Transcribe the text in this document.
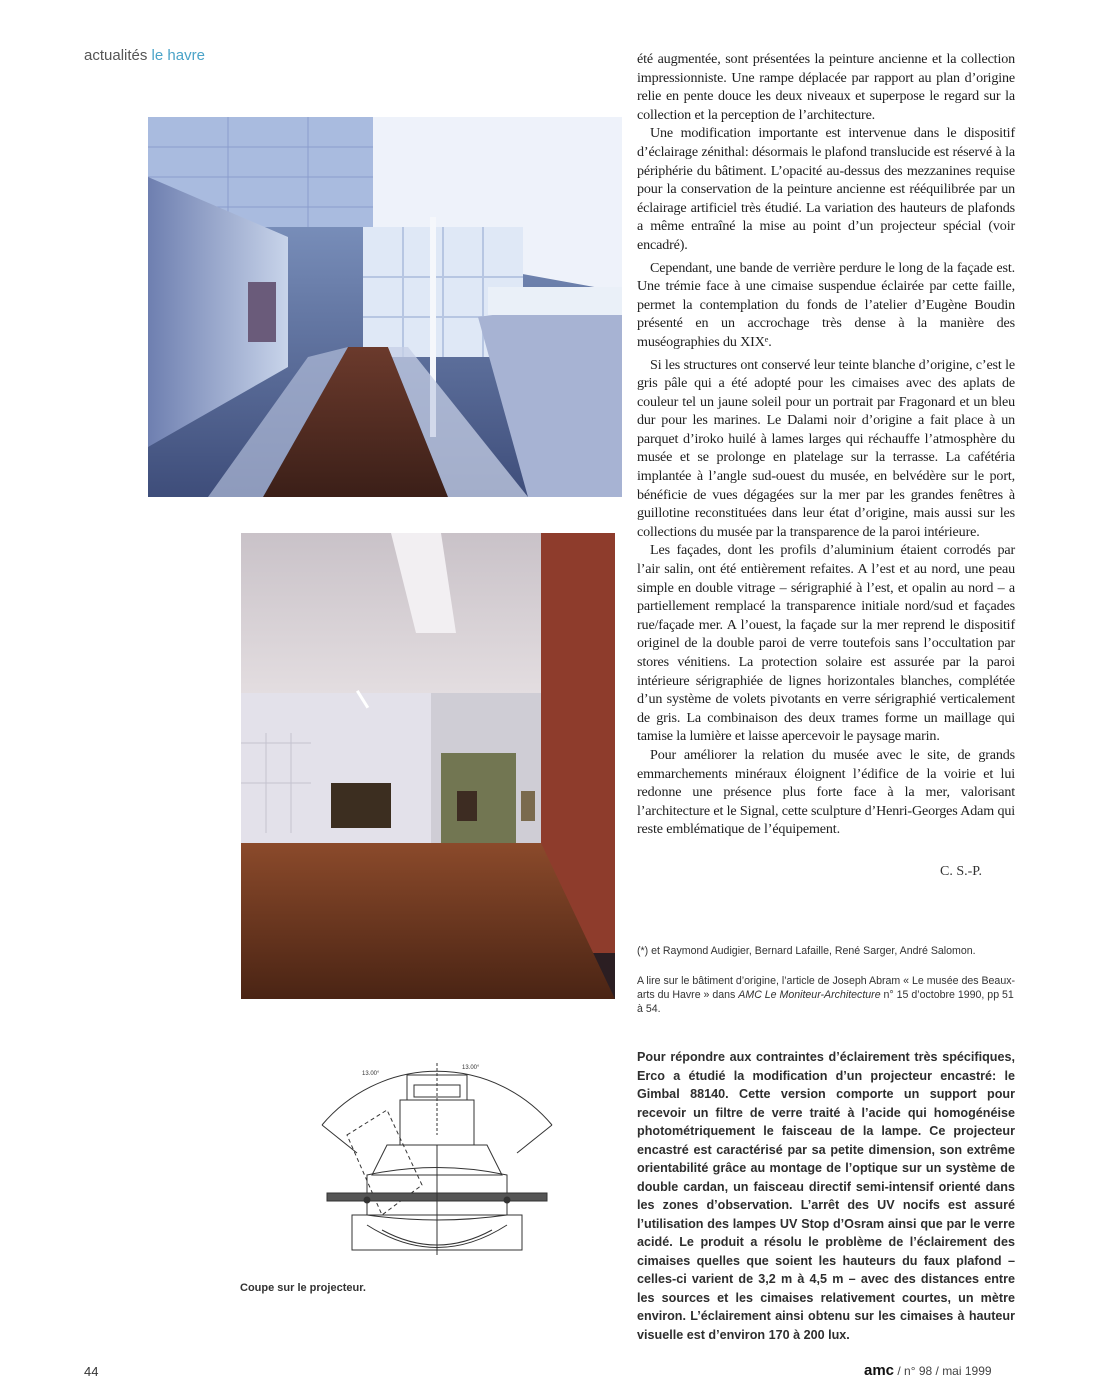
actualités le havre	été augmentée, sont présentées la peinture ancienne et la collection impressionniste. Une rampe déplacée par rapport au plan d’origine relie en pente douce les deux niveaux et superpose le regard sur la collection et la perception de l’architecture.

Une modification importante est intervenue dans le dispositif d’éclairage zénithal: désormais le plafond translucide est réservé à la périphérie du bâtiment. L’opacité au-dessus des mezzanines requise pour la conservation de la peinture ancienne est rééquilibrée par un éclairage artificiel très étudié. La variation des hauteurs de plafonds a même entraîné la mise au point d’un projecteur spécial (voir encadré).

Cependant, une bande de verrière perdure le long de la façade est. Une trémie face à une cimaise suspendue éclairée par cette faille, permet la contemplation du fonds de l’atelier d’Eugène Boudin présenté en un accrochage très dense à la manière des muséographies du XIXᵉ.

Si les structures ont conservé leur teinte blanche d’origine, c’est le gris pâle qui a été adopté pour les cimaises avec des aplats de couleur tel un jaune soleil pour un portrait par Fragonard et un bleu dur pour les marines. Le Dalami noir d’origine a fait place à un parquet d’iroko huilé à lames larges qui réchauffe l’atmosphère du musée et se prolonge en platelage sur la terrasse. La cafétéria implantée à l’angle sud-ouest du musée, en belvédère sur le port, bénéficie de vues dégagées sur la mer par les grandes fenêtres à guillotine reconstituées dans leur état d’origine, mais aussi sur les collections du musée par la transparence de la paroi intérieure.

Les façades, dont les profils d’aluminium étaient corrodés par l’air salin, ont été entièrement refaites. A l’est et au nord, une peau simple en double vitrage – sérigraphié à l’est, et opalin au nord – a partiellement remplacé la transparence initiale nord/sud et façades rue/façade mer. A l’ouest, la façade sur la mer reprend le dispositif originel de la double paroi de verre toutefois sans l’occultation par stores vénitiens. La protection solaire est assurée par la paroi intérieure sérigraphiée de lignes horizontales blanches, complétée d’un système de volets pivotants en verre sérigraphié verticalement de gris. La combinaison des deux trames forme un maillage qui tamise la lumière et laisse apercevoir le paysage marin.

Pour améliorer la relation du musée avec le site, de grands emmarchements minéraux éloignent l’édifice de la voirie et lui redonne une présence plus forte face à la mer, valorisant l’architecture et le Signal, cette sculpture d’Henri-Georges Adam qui reste emblématique de l’équipement.

C. S.-P.
(*) et Raymond Audigier, Bernard Lafaille, René Sarger, André Salomon.
A lire sur le bâtiment d’origine, l’article de Joseph Abram « Le musée des Beaux-arts du Havre » dans AMC Le Moniteur-Architecture n° 15 d’octobre 1990, pp 51 à 54.
13.00°
13.00°
Coupe sur le projecteur.
Pour répondre aux contraintes d’éclairement très spécifiques, Erco a étudié la modification d’un projecteur encastré: le Gimbal 88140. Cette version comporte un support pour recevoir un filtre de verre traité à l’acide qui homogénéise photométriquement le faisceau de la lampe. Ce projecteur encastré est caractérisé par sa petite dimension, son extrême orientabilité grâce au montage de l’optique sur un système de double cardan, un faisceau directif semi-intensif orienté dans les zones d’observation. L’arrêt des UV nocifs est assuré l’utilisation des lampes UV Stop d’Osram ainsi que par le verre acidé. Le produit a résolu le problème de l’éclairement des cimaises quelles que soient les hauteurs du faux plafond – celles-ci varient de 3,2 m à 4,5 m – avec des distances entre les sources et les cimaises relativement courtes, un mètre environ. L’éclairement ainsi obtenu sur les cimaises à hauteur visuelle est d’environ 170 à 200 lux.
44	amc / n° 98 / mai 1999
